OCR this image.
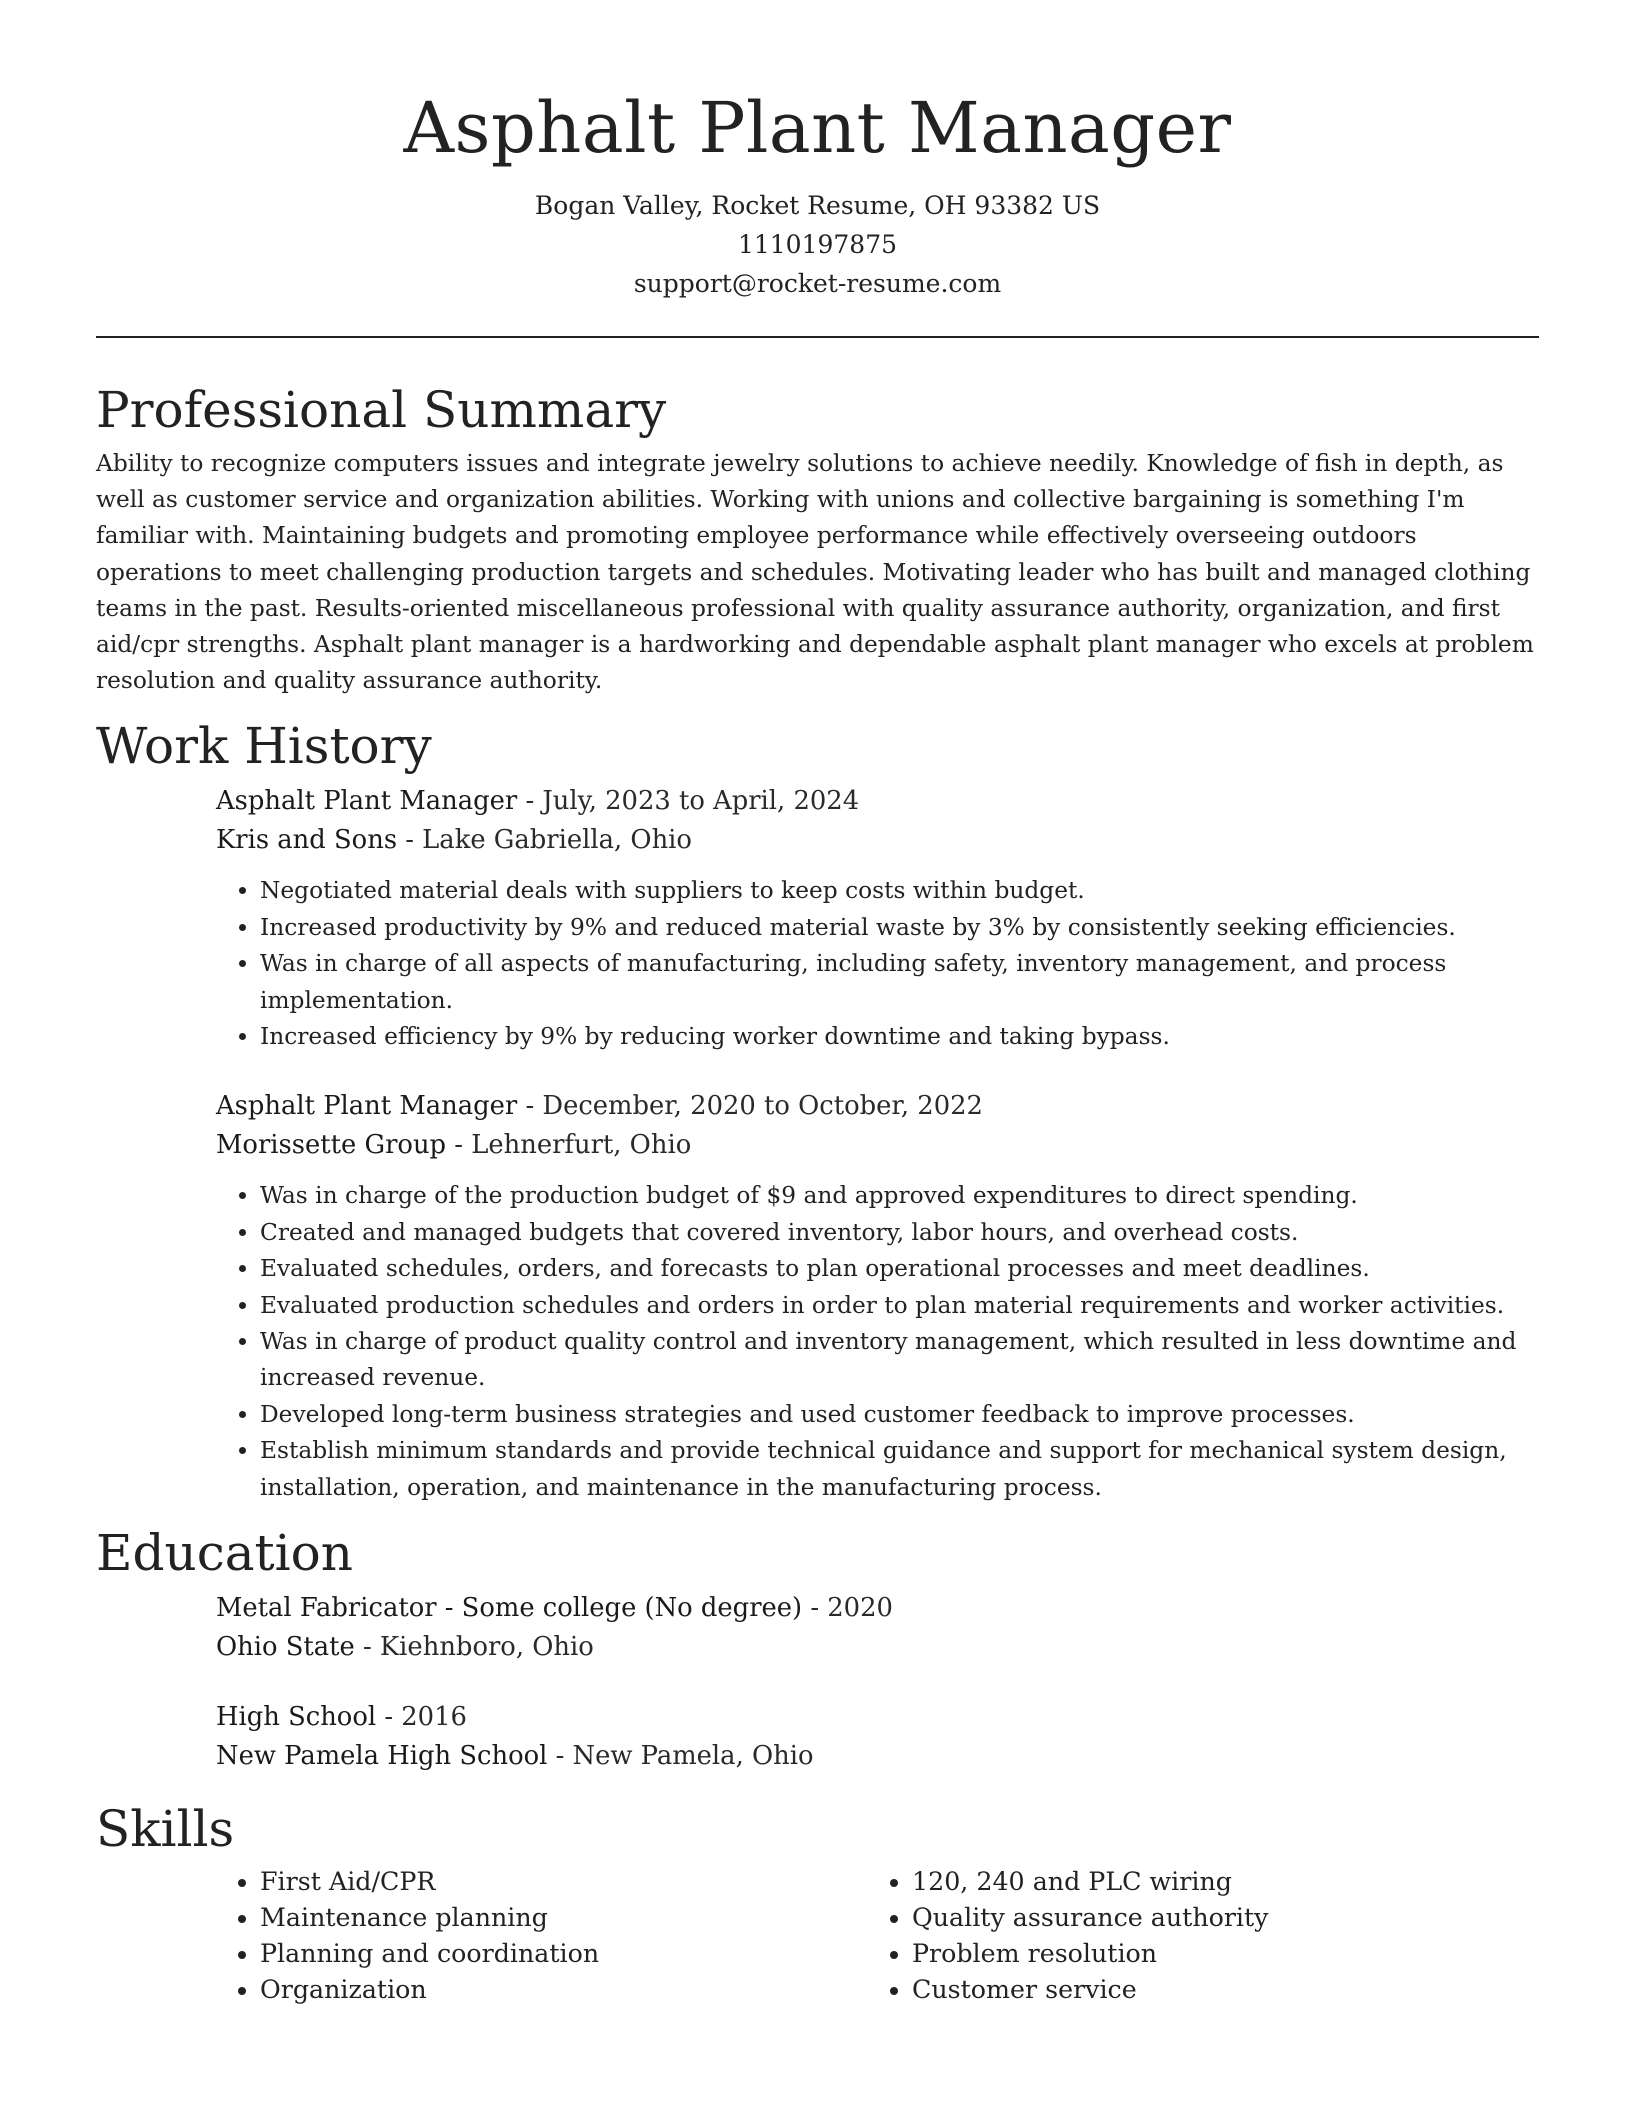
Asphalt Plant Manager
Bogan Valley, Rocket Resume, OH 93382 US
1110197875
support@rocket-resume.com
Professional Summary

Ability to recognize computers issues and integrate jewelry solutions to achieve needily. Knowledge of fish in depth, as well as customer service and organization abilities. Working with unions and collective bargaining is something I'm familiar with. Maintaining budgets and promoting employee performance while effectively overseeing outdoors operations to meet challenging production targets and schedules. Motivating leader who has built and managed clothing teams in the past. Results-oriented miscellaneous professional with quality assurance authority, organization, and first aid/cpr strengths. Asphalt plant manager is a hardworking and dependable asphalt plant manager who excels at problem resolution and quality assurance authority.

Work History
Asphalt Plant Manager - July, 2023 to April, 2024
Kris and Sons - Lake Gabriella, Ohio
• Negotiated material deals with suppliers to keep costs within budget.
• Increased productivity by 9% and reduced material waste by 3% by consistently seeking efficiencies.
• Was in charge of all aspects of manufacturing, including safety, inventory management, and process implementation.
• Increased efficiency by 9% by reducing worker downtime and taking bypass.
Asphalt Plant Manager - December, 2020 to October, 2022
Morissette Group - Lehnerfurt, Ohio
• Was in charge of the production budget of $9 and approved expenditures to direct spending.
• Created and managed budgets that covered inventory, labor hours, and overhead costs.
• Evaluated schedules, orders, and forecasts to plan operational processes and meet deadlines.
• Evaluated production schedules and orders in order to plan material requirements and worker activities.
• Was in charge of product quality control and inventory management, which resulted in less downtime and increased revenue.
• Developed long-term business strategies and used customer feedback to improve processes.
• Establish minimum standards and provide technical guidance and support for mechanical system design, installation, operation, and maintenance in the manufacturing process.
Education
Metal Fabricator - Some college (No degree) - 2020
Ohio State - Kiehnboro, Ohio
High School - 2016
New Pamela High School - New Pamela, Ohio
Skills
• First Aid/CPR
• Maintenance planning
• Planning and coordination
• Organization
• 120, 240 and PLC wiring
• Quality assurance authority
• Problem resolution
• Customer service
